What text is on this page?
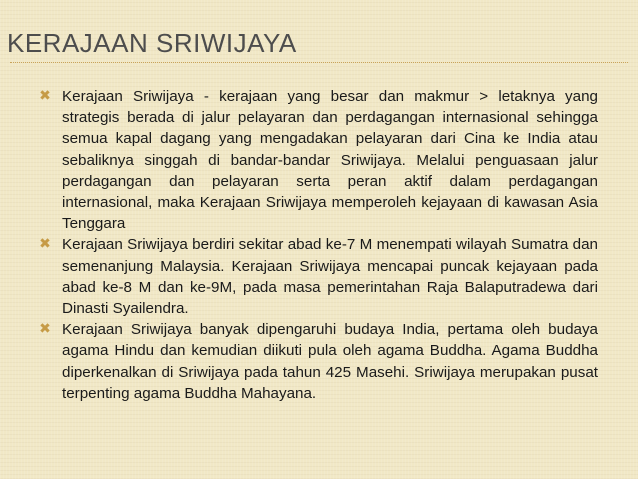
KERAJAAN SRIWIJAYA
✖ Kerajaan Sriwijaya - kerajaan yang besar dan makmur > letaknya yang strategis berada di jalur pelayaran dan perdagangan internasional sehingga semua kapal dagang yang mengadakan pelayaran dari Cina ke India atau sebaliknya singgah di bandar-bandar Sriwijaya. Melalui penguasaan jalur perdagangan dan pelayaran serta peran aktif dalam perdagangan internasional, maka Kerajaan Sriwijaya memperoleh kejayaan di kawasan Asia Tenggara
✖ Kerajaan Sriwijaya berdiri sekitar abad ke-7 M menempati wilayah Sumatra dan semenanjung Malaysia. Kerajaan Sriwijaya mencapai puncak kejayaan pada abad ke-8 M dan ke-9M, pada masa pemerintahan Raja Balaputradewa dari Dinasti Syailendra.
✖ Kerajaan Sriwijaya banyak dipengaruhi budaya India, pertama oleh budaya agama Hindu dan kemudian diikuti pula oleh agama Buddha. Agama Buddha diperkenalkan di Sriwijaya pada tahun 425 Masehi. Sriwijaya merupakan pusat terpenting agama Buddha Mahayana.
